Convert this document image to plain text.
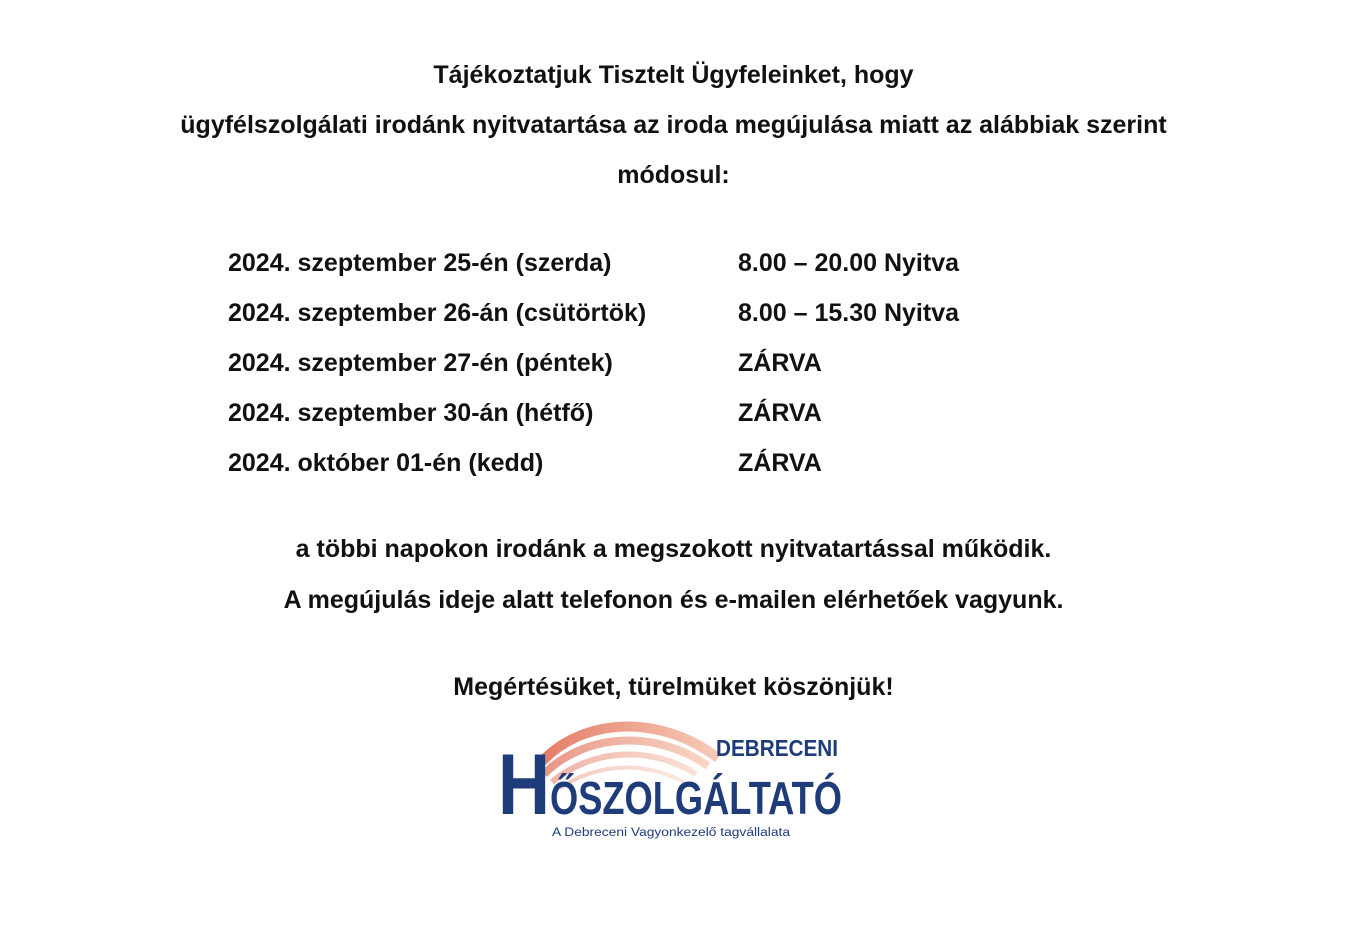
Tájékoztatjuk Tisztelt Ügyfeleinket, hogy
ügyfélszolgálati irodánk nyitvatartása az iroda megújulása miatt az alábbiak szerint
módosul:
2024. szeptember 25-én (szerda)	8.00 – 20.00 Nyitva
2024. szeptember 26-án (csütörtök)	8.00 – 15.30 Nyitva
2024. szeptember 27-én (péntek)	ZÁRVA
2024. szeptember 30-án (hétfő)	ZÁRVA
2024. október 01-én (kedd)	ZÁRVA
a többi napokon irodánk a megszokott nyitvatartással működik.
A megújulás ideje alatt telefonon és e-mailen elérhetőek vagyunk.
Megértésüket, türelmüket köszönjük!
DEBRECENI
H ŐSZOLGÁLTATÓ
A Debreceni Vagyonkezelő tagvállalata
